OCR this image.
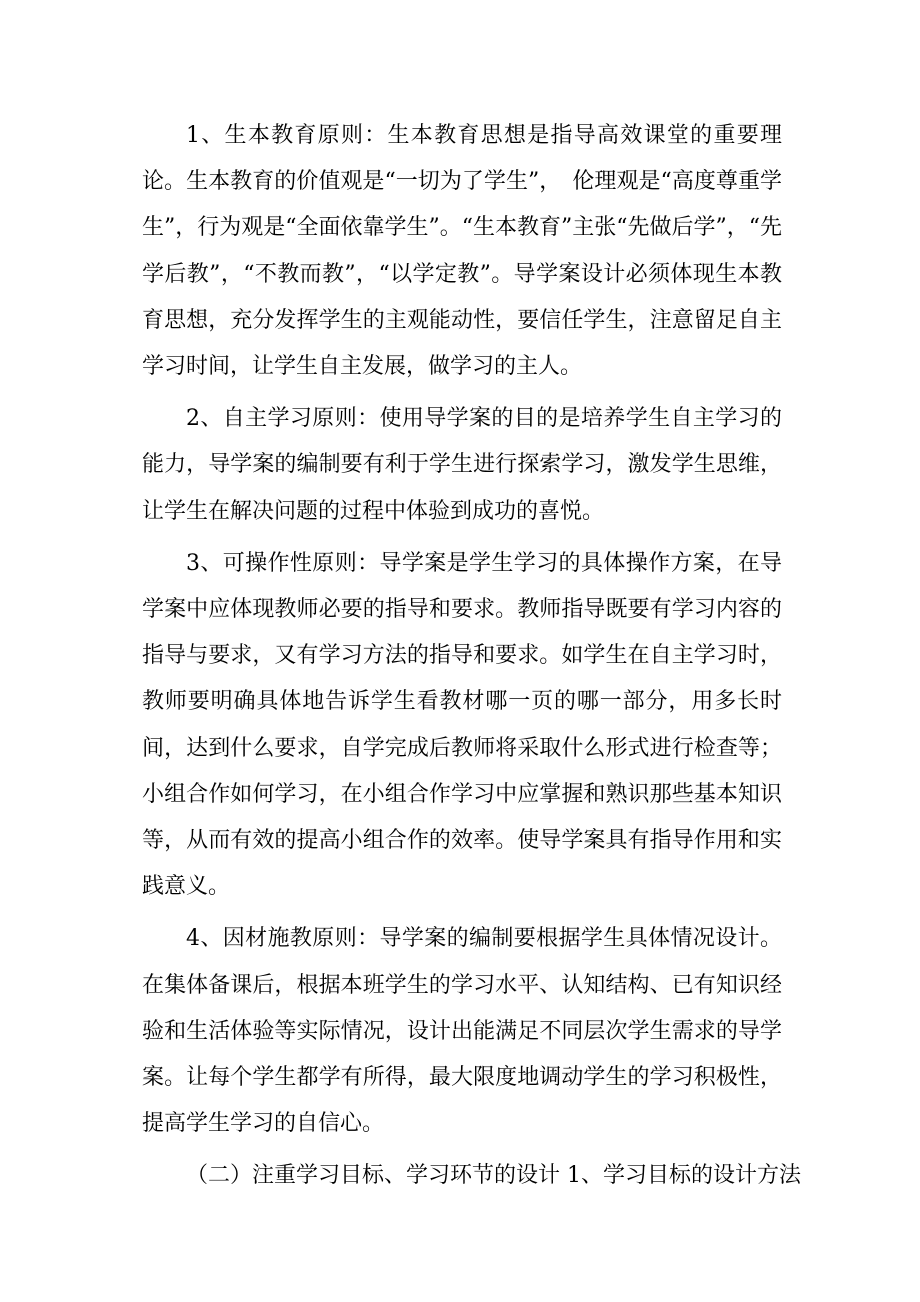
1、生本教育原则：生本教育思想是指导高效课堂的重要理论。生本教育的价值观是“一切为了学生”，　伦理观是“高度尊重学生”，行为观是“全面依靠学生”。“生本教育”主张“先做后学”，“先学后教”，“不教而教”，“以学定教”。导学案设计必须体现生本教育思想，充分发挥学生的主观能动性，要信任学生，注意留足自主学习时间，让学生自主发展，做学习的主人。

2、自主学习原则：使用导学案的目的是培养学生自主学习的能力，导学案的编制要有利于学生进行探索学习，激发学生思维，让学生在解决问题的过程中体验到成功的喜悦。

3、可操作性原则：导学案是学生学习的具体操作方案，在导学案中应体现教师必要的指导和要求。教师指导既要有学习内容的指导与要求，又有学习方法的指导和要求。如学生在自主学习时，教师要明确具体地告诉学生看教材哪一页的哪一部分，用多长时间，达到什么要求，自学完成后教师将采取什么形式进行检查等；小组合作如何学习，在小组合作学习中应掌握和熟识那些基本知识等，从而有效的提高小组合作的效率。使导学案具有指导作用和实践意义。

4、因材施教原则：导学案的编制要根据学生具体情况设计。在集体备课后，根据本班学生的学习水平、认知结构、已有知识经验和生活体验等实际情况，设计出能满足不同层次学生需求的导学案。让每个学生都学有所得，最大限度地调动学生的学习积极性，提高学生学习的自信心。

（二）注重学习目标、学习环节的设计 1、学习目标的设计方法
